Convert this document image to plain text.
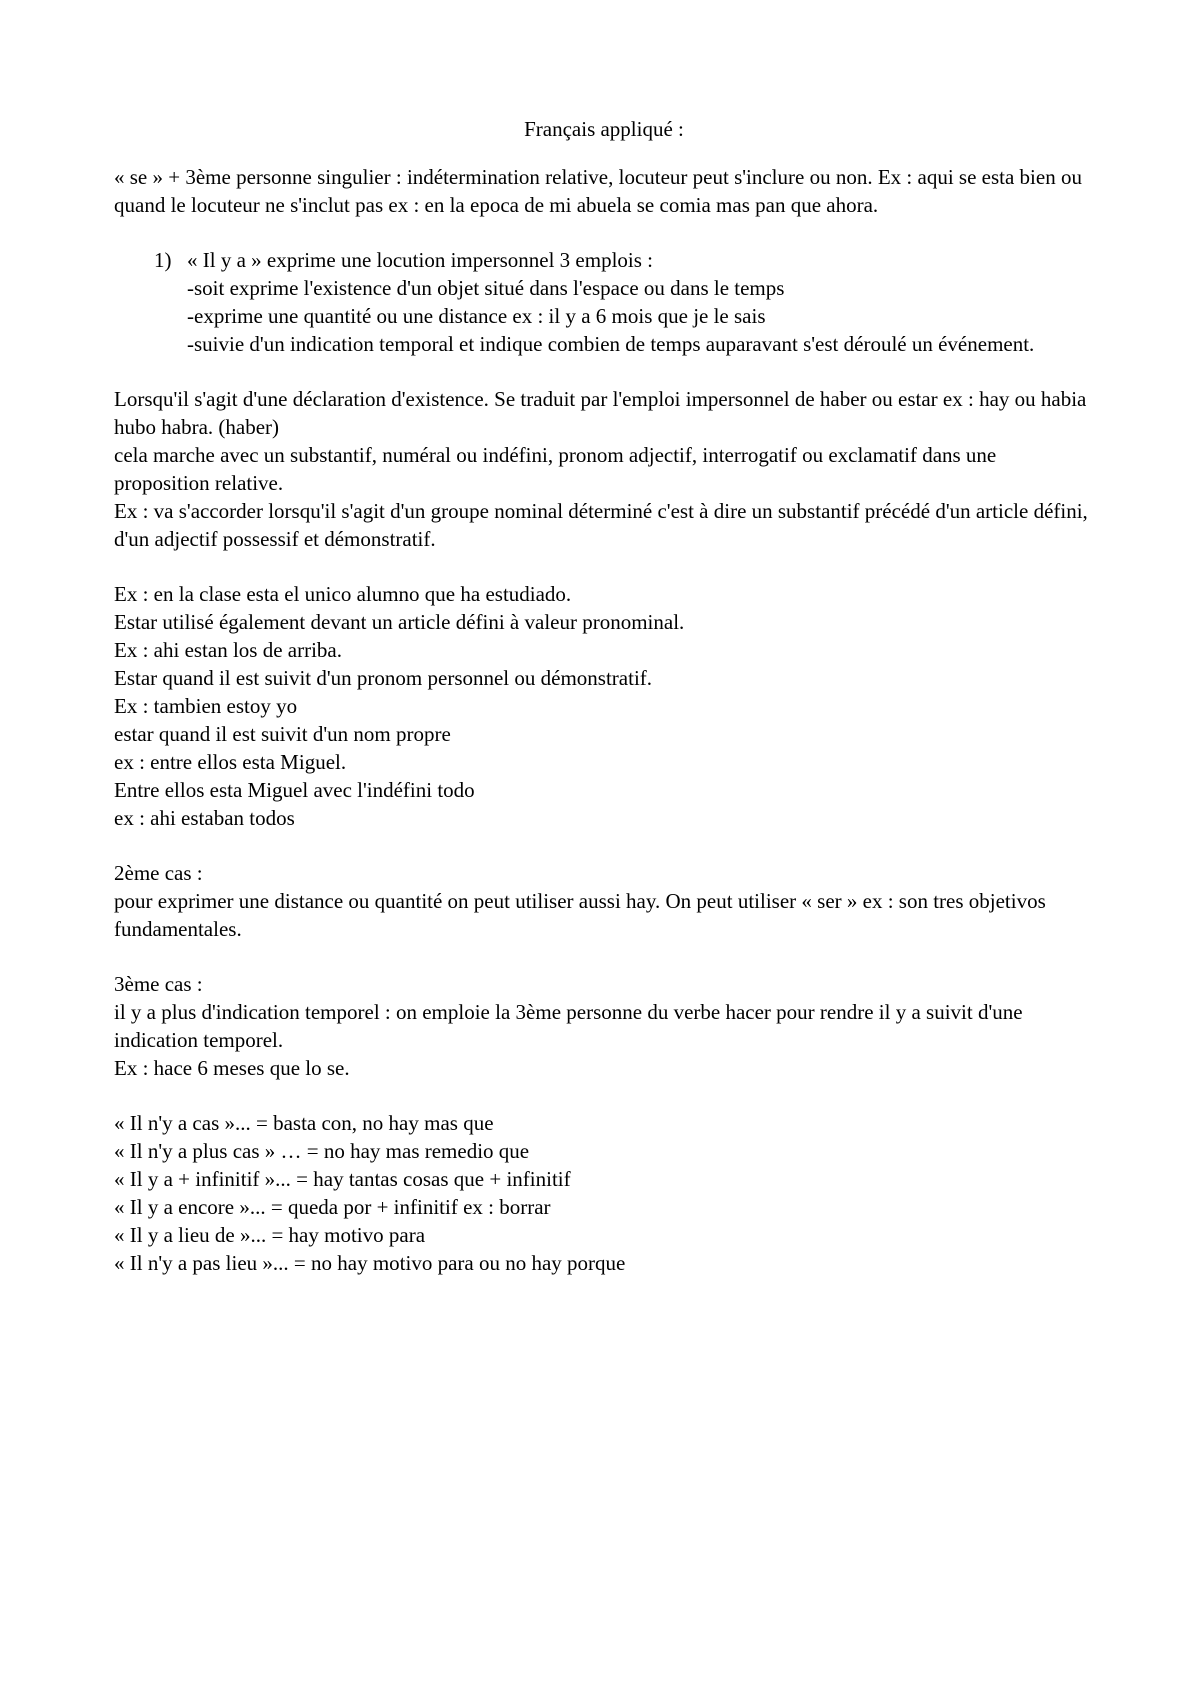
Français appliqué :

« se » + 3ème personne singulier : indétermination relative, locuteur peut s'inclure ou non. Ex : aqui se esta bien ou quand le locuteur ne s'inclut pas ex : en la epoca de mi abuela se comia mas pan que ahora.

1) « Il y a » exprime une locution impersonnel 3 emplois :

-soit exprime l'existence d'un objet situé dans l'espace ou dans le temps

-exprime une quantité ou une distance ex : il y a 6 mois que je le sais

-suivie d'un indication temporal et indique combien de temps auparavant s'est déroulé un événement.

Lorsqu'il s'agit d'une déclaration d'existence. Se traduit par l'emploi impersonnel de haber ou estar ex : hay ou habia hubo habra. (haber)

cela marche avec un substantif, numéral ou indéfini, pronom adjectif, interrogatif ou exclamatif dans une proposition relative.

Ex : va s'accorder lorsqu'il s'agit d'un groupe nominal déterminé c'est à dire un substantif précédé d'un article défini, d'un adjectif possessif et démonstratif.

Ex : en la clase esta el unico alumno que ha estudiado.

Estar utilisé également devant un article défini à valeur pronominal.

Ex : ahi estan los de arriba.

Estar quand il est suivit d'un pronom personnel ou démonstratif.

Ex : tambien estoy yo

estar quand il est suivit d'un nom propre

ex : entre ellos esta Miguel.

Entre ellos esta Miguel avec l'indéfini todo

ex : ahi estaban todos

2ème cas :

pour exprimer une distance ou quantité on peut utiliser aussi hay. On peut utiliser « ser » ex : son tres objetivos fundamentales.

3ème cas :

il y a plus d'indication temporel : on emploie la 3ème personne du verbe hacer pour rendre il y a suivit d'une indication temporel.

Ex : hace 6 meses que lo se.

« Il n'y a cas »... = basta con, no hay mas que

« Il n'y a plus cas » … = no hay mas remedio que

« Il y a + infinitif »... = hay tantas cosas que + infinitif

« Il y a encore »... = queda por + infinitif ex : borrar

« Il y a lieu de »... = hay motivo para

« Il n'y a pas lieu »... = no hay motivo para ou no hay porque
